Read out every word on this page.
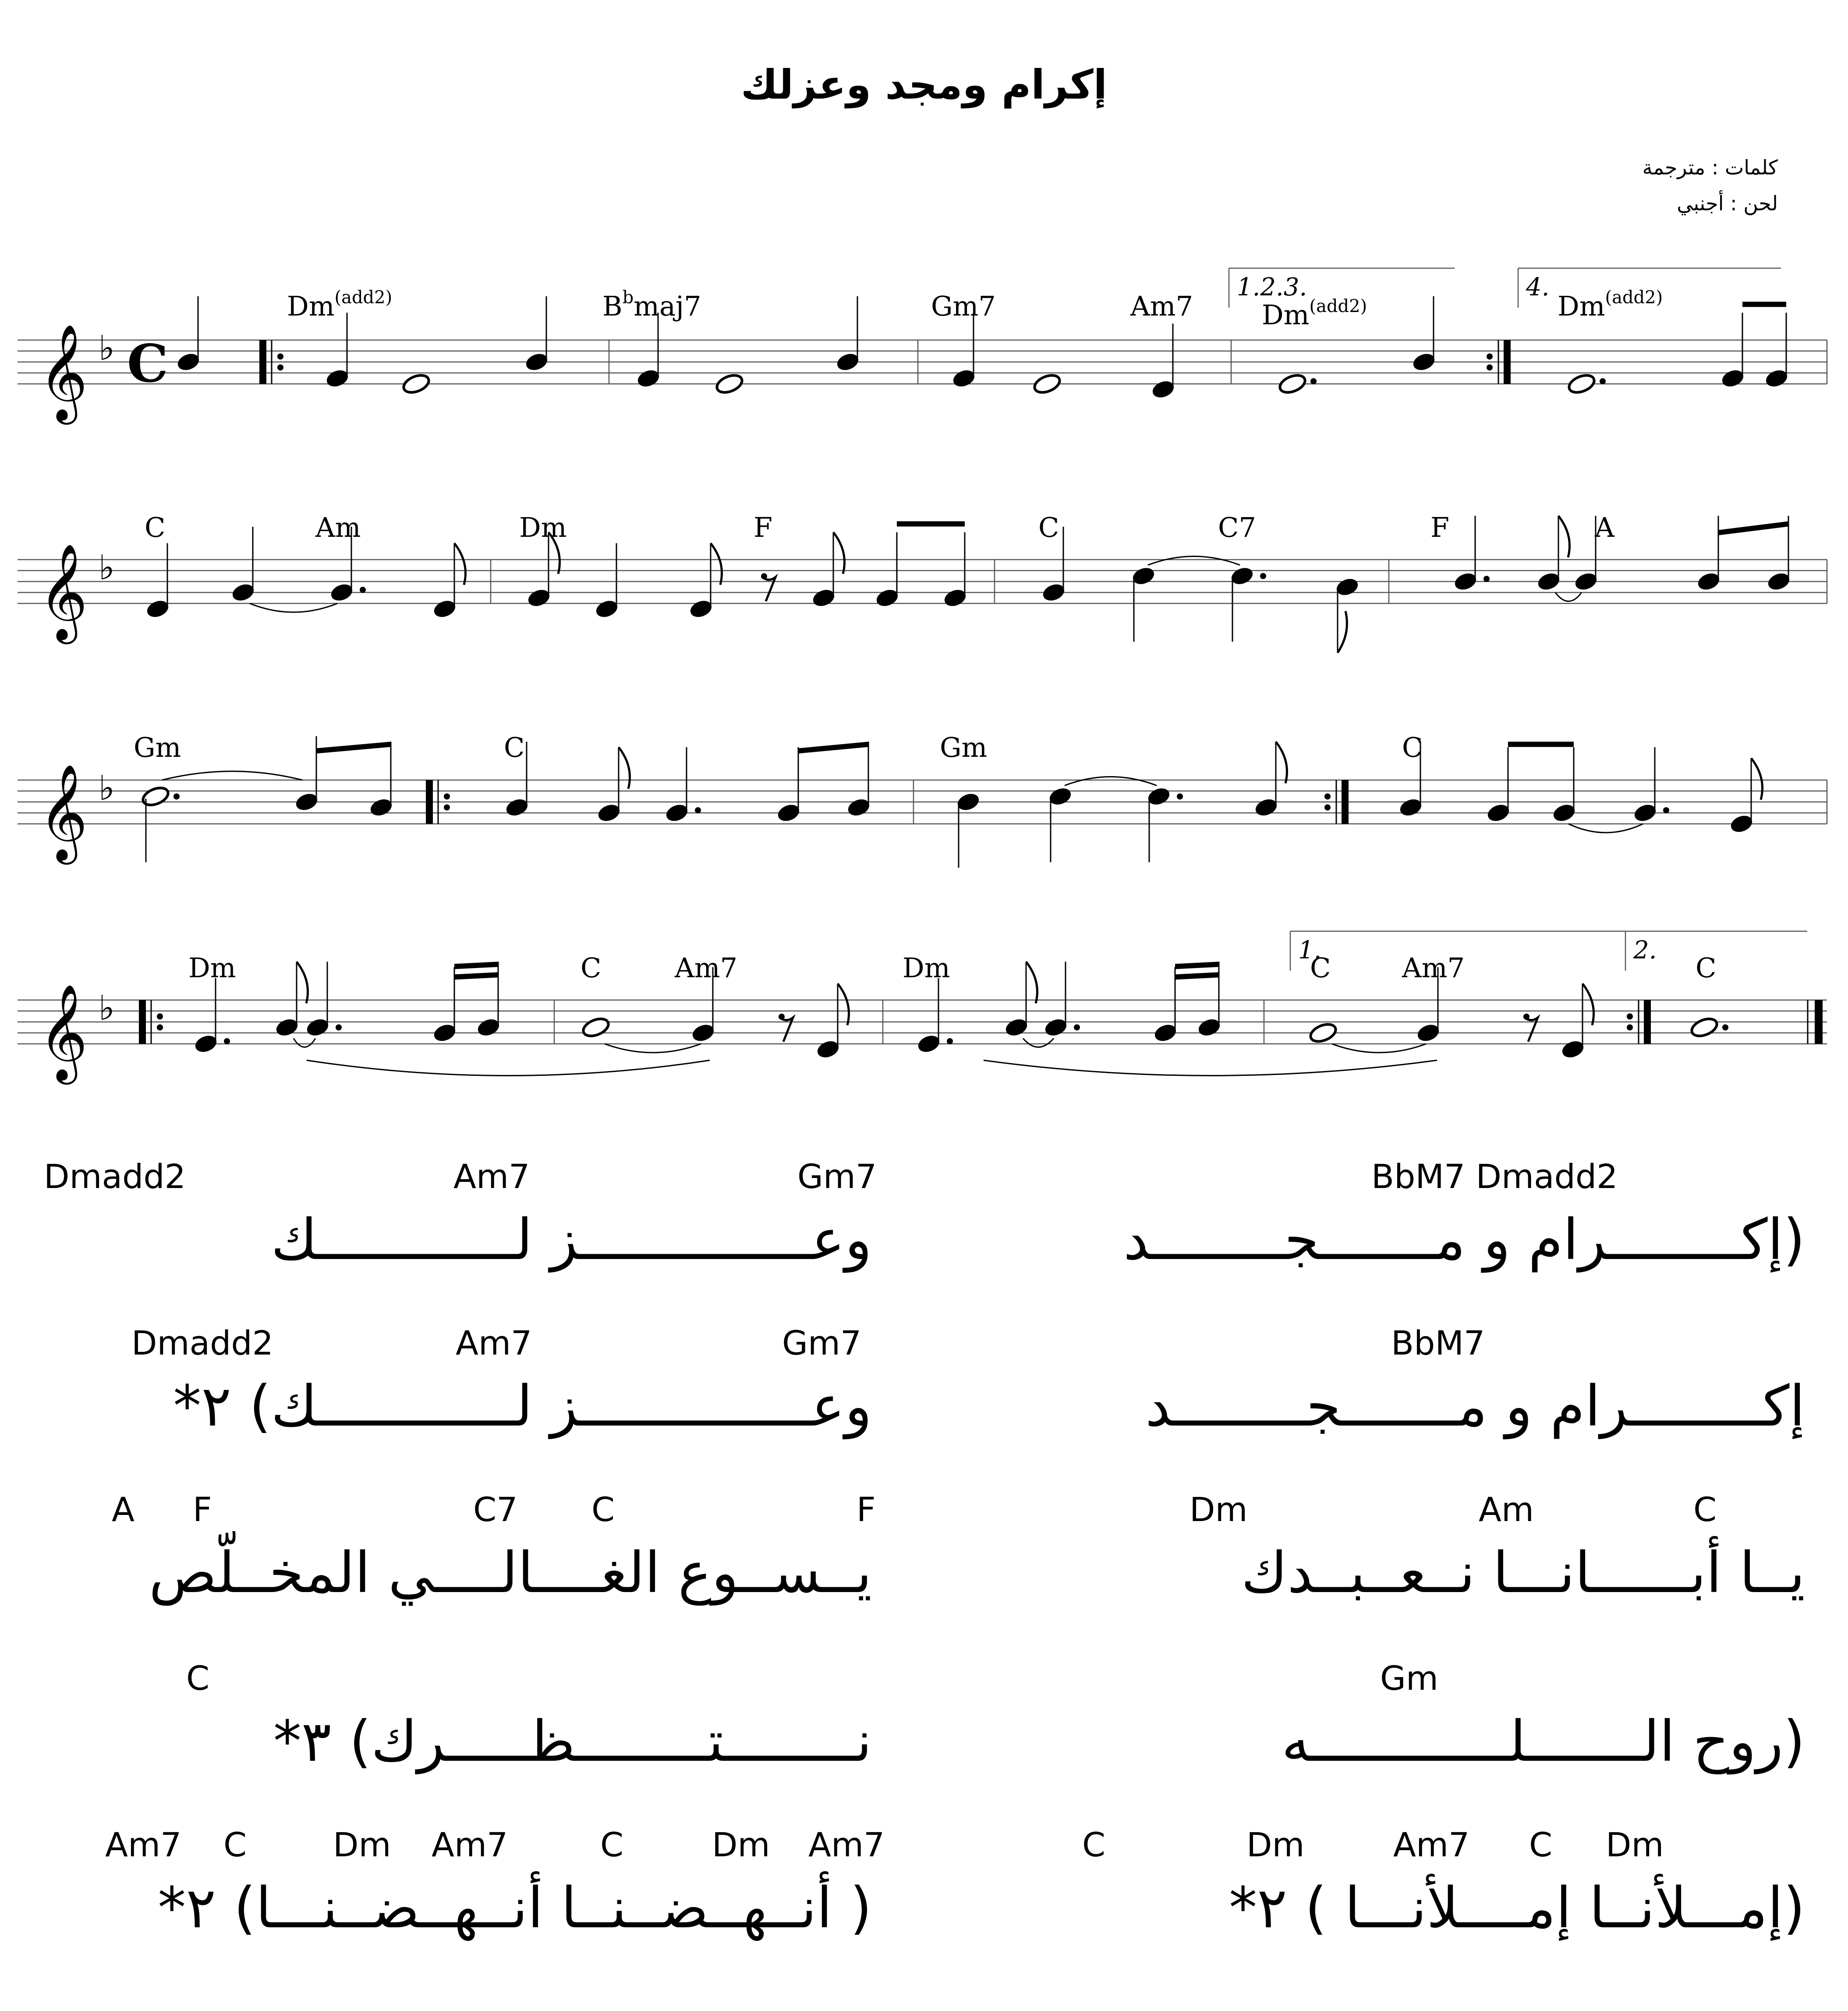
إكرام ومجد وعزلك
كلمات : مترجمة
لحن : أجنبي
𝄞 ♭
𝄞 ♭
𝄞 ♭
𝄞 ♭
C
$Dm^{(add2)}$	$B^bmaj7$	Gm7	Am7	$Dm^{(add2)}$	$Dm^{(add2)}$
C	Am	Dm	F	C	C7	F	A
Gm	C	Gm	C
Dm	C	Am7	Dm	C	Am7	C
1.2.3.	4.
1.	2.
Dmadd2	Am7	Gm7	BbM7 Dmadd2
وعــــــــــــــز لــــــــــــك	(إكــــــــرام و مـــــــجــــــــد
Dmadd2	Am7	Gm7	BbM7
وعــــــــــــــز لــــــــــــك) ٢*	إكــــــــرام و مـــــــجــــــــد
A F	C7 C	F	Dm	Am	C
يــســوع الغــــالــــي المخــلّص	يــا أبــــــانـــا نــعــبــدك
C	Gm
نــــــــتــــــــظـــــرك) ٣*	(روح الـــــــلــــــــــــه
Am7 C	Dm Am7	C	Dm Am7	C	Dm	Am7 C Dm
( أنــهــضــنــا أنــهــضــنـــا) ٢*	(إمـــلأنــا إمــــلأنـــا ) ٢*
